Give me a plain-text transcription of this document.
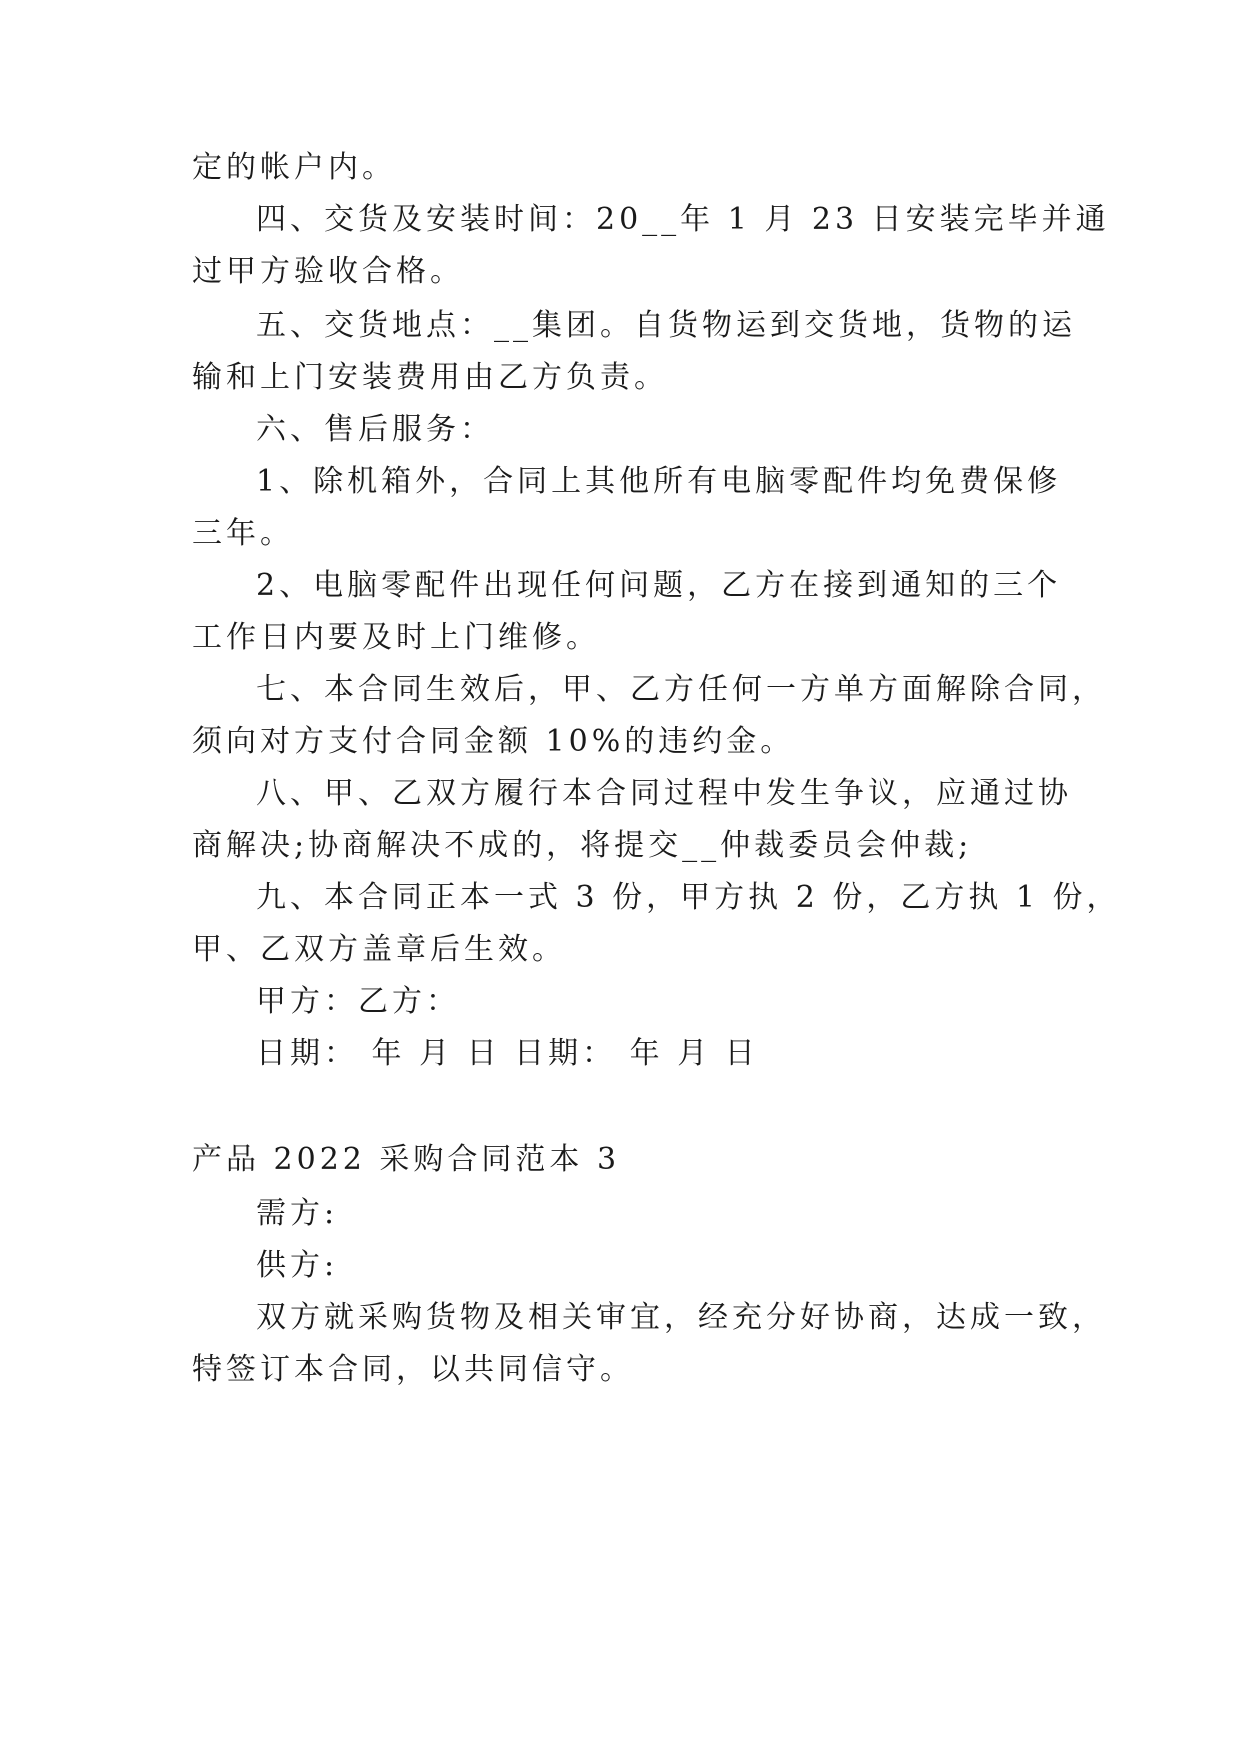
定的帐户内。
四、交货及安装时间：20__年 1 月 23 日安装完毕并通
过甲方验收合格。
五、交货地点：__集团。自货物运到交货地，货物的运
输和上门安装费用由乙方负责。
六、售后服务：
1、除机箱外，合同上其他所有电脑零配件均免费保修
三年。
2、电脑零配件出现任何问题，乙方在接到通知的三个
工作日内要及时上门维修。
七、本合同生效后，甲、乙方任何一方单方面解除合同，
须向对方支付合同金额 10%的违约金。
八、甲、乙双方履行本合同过程中发生争议，应通过协
商解决;协商解决不成的，将提交__仲裁委员会仲裁;
九、本合同正本一式 3 份，甲方执 2 份，乙方执 1 份，
甲、乙双方盖章后生效。
甲方：乙方：
日期： 年 月 日 日期： 年 月 日
产品 2022 采购合同范本 3
需方:
供方:
双方就采购货物及相关审宜，经充分好协商，达成一致，
特签订本合同，以共同信守。
